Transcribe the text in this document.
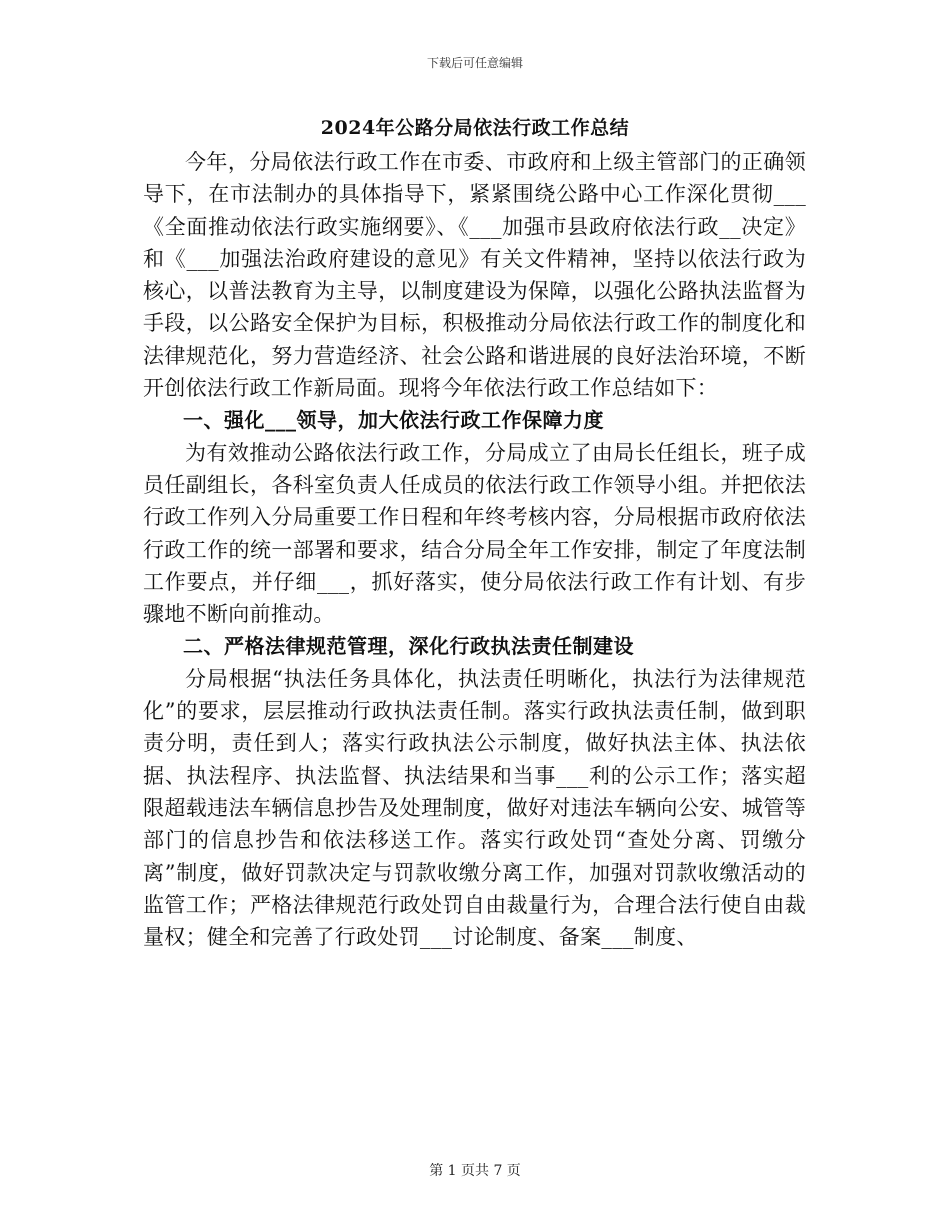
下载后可任意编辑
2024年公路分局依法行政工作总结

今年，分局依法行政工作在市委、市政府和上级主管部门的正确领导下，在市法制办的具体指导下，紧紧围绕公路中心工作深化贯彻___《全面推动依法行政实施纲要》、《___加强市县政府依法行政__决定》和《___加强法治政府建设的意见》有关文件精神，坚持以依法行政为核心，以普法教育为主导，以制度建设为保障，以强化公路执法监督为手段，以公路安全保护为目标，积极推动分局依法行政工作的制度化和法律规范化，努力营造经济、社会公路和谐进展的良好法治环境，不断开创依法行政工作新局面。现将今年依法行政工作总结如下：

一、强化___领导，加大依法行政工作保障力度

为有效推动公路依法行政工作，分局成立了由局长任组长，班子成员任副组长，各科室负责人任成员的依法行政工作领导小组。并把依法行政工作列入分局重要工作日程和年终考核内容，分局根据市政府依法行政工作的统一部署和要求，结合分局全年工作安排，制定了年度法制工作要点，并仔细___，抓好落实，使分局依法行政工作有计划、有步骤地不断向前推动。

二、严格法律规范管理，深化行政执法责任制建设

分局根据“执法任务具体化，执法责任明晰化，执法行为法律规范化”的要求，层层推动行政执法责任制。落实行政执法责任制，做到职责分明，责任到人；落实行政执法公示制度，做好执法主体、执法依据、执法程序、执法监督、执法结果和当事___利的公示工作；落实超限超载违法车辆信息抄告及处理制度，做好对违法车辆向公安、城管等部门的信息抄告和依法移送工作。落实行政处罚“查处分离、罚缴分离”制度，做好罚款决定与罚款收缴分离工作，加强对罚款收缴活动的监管工作；严格法律规范行政处罚自由裁量行为，合理合法行使自由裁量权；健全和完善了行政处罚___讨论制度、备案___制度、

第 1 页共 7 页
